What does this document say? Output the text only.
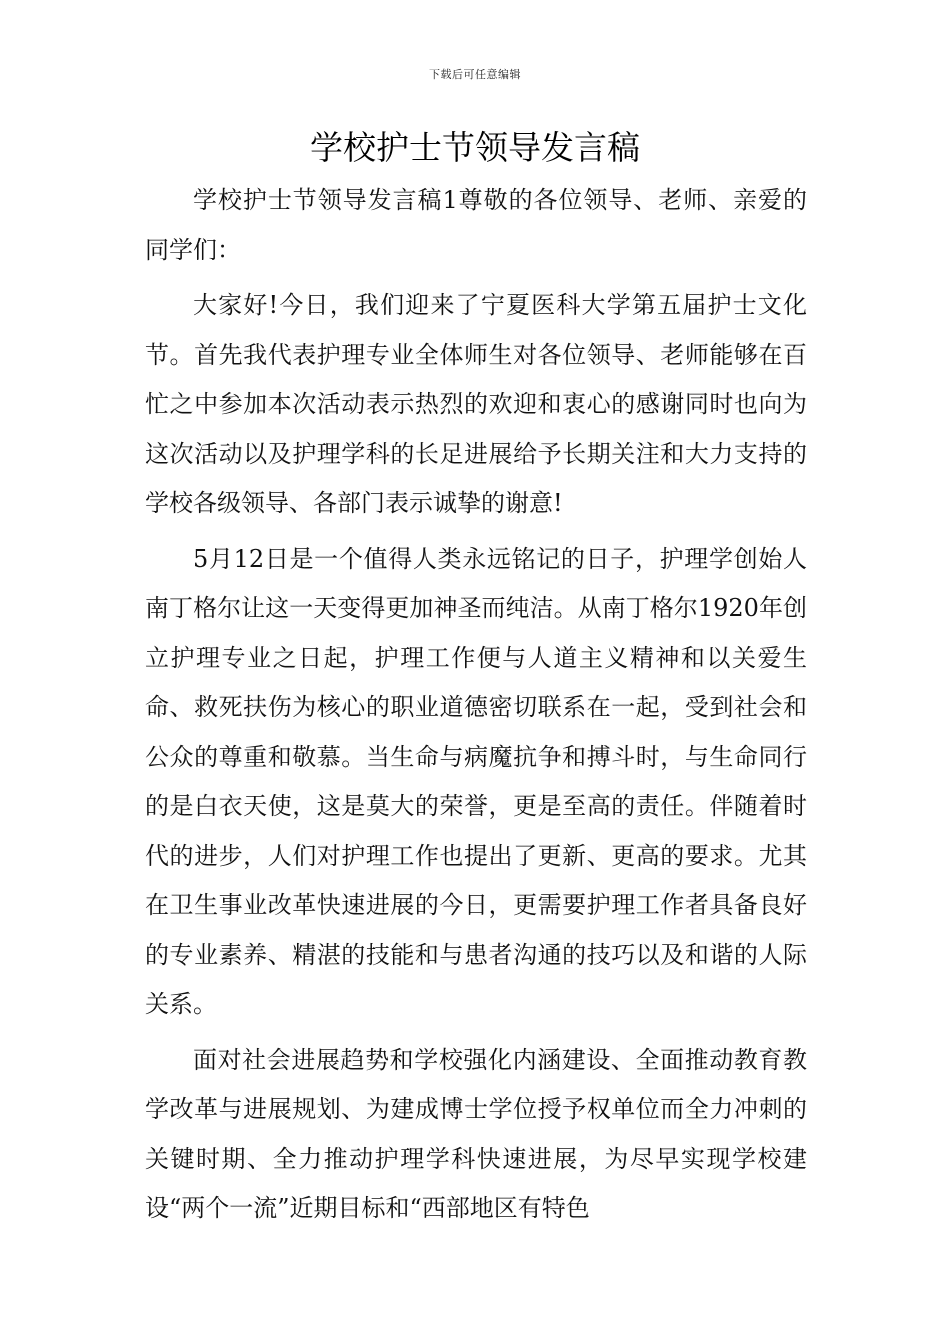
下载后可任意编辑
学校护士节领导发言稿

学校护士节领导发言稿1尊敬的各位领导、老师、亲爱的同学们：

大家好!今日，我们迎来了宁夏医科大学第五届护士文化节。首先我代表护理专业全体师生对各位领导、老师能够在百忙之中参加本次活动表示热烈的欢迎和衷心的感谢同时也向为这次活动以及护理学科的长足进展给予长期关注和大力支持的学校各级领导、各部门表示诚挚的谢意!

5月12日是一个值得人类永远铭记的日子，护理学创始人南丁格尔让这一天变得更加神圣而纯洁。从南丁格尔1920年创立护理专业之日起，护理工作便与人道主义精神和以关爱生命、救死扶伤为核心的职业道德密切联系在一起，受到社会和公众的尊重和敬慕。当生命与病魔抗争和搏斗时，与生命同行的是白衣天使，这是莫大的荣誉，更是至高的责任。伴随着时代的进步，人们对护理工作也提出了更新、更高的要求。尤其在卫生事业改革快速进展的今日，更需要护理工作者具备良好的专业素养、精湛的技能和与患者沟通的技巧以及和谐的人际关系。

面对社会进展趋势和学校强化内涵建设、全面推动教育教学改革与进展规划、为建成博士学位授予权单位而全力冲刺的关键时期、全力推动护理学科快速进展，为尽早实现学校建设“两个一流”近期目标和“西部地区有特色
